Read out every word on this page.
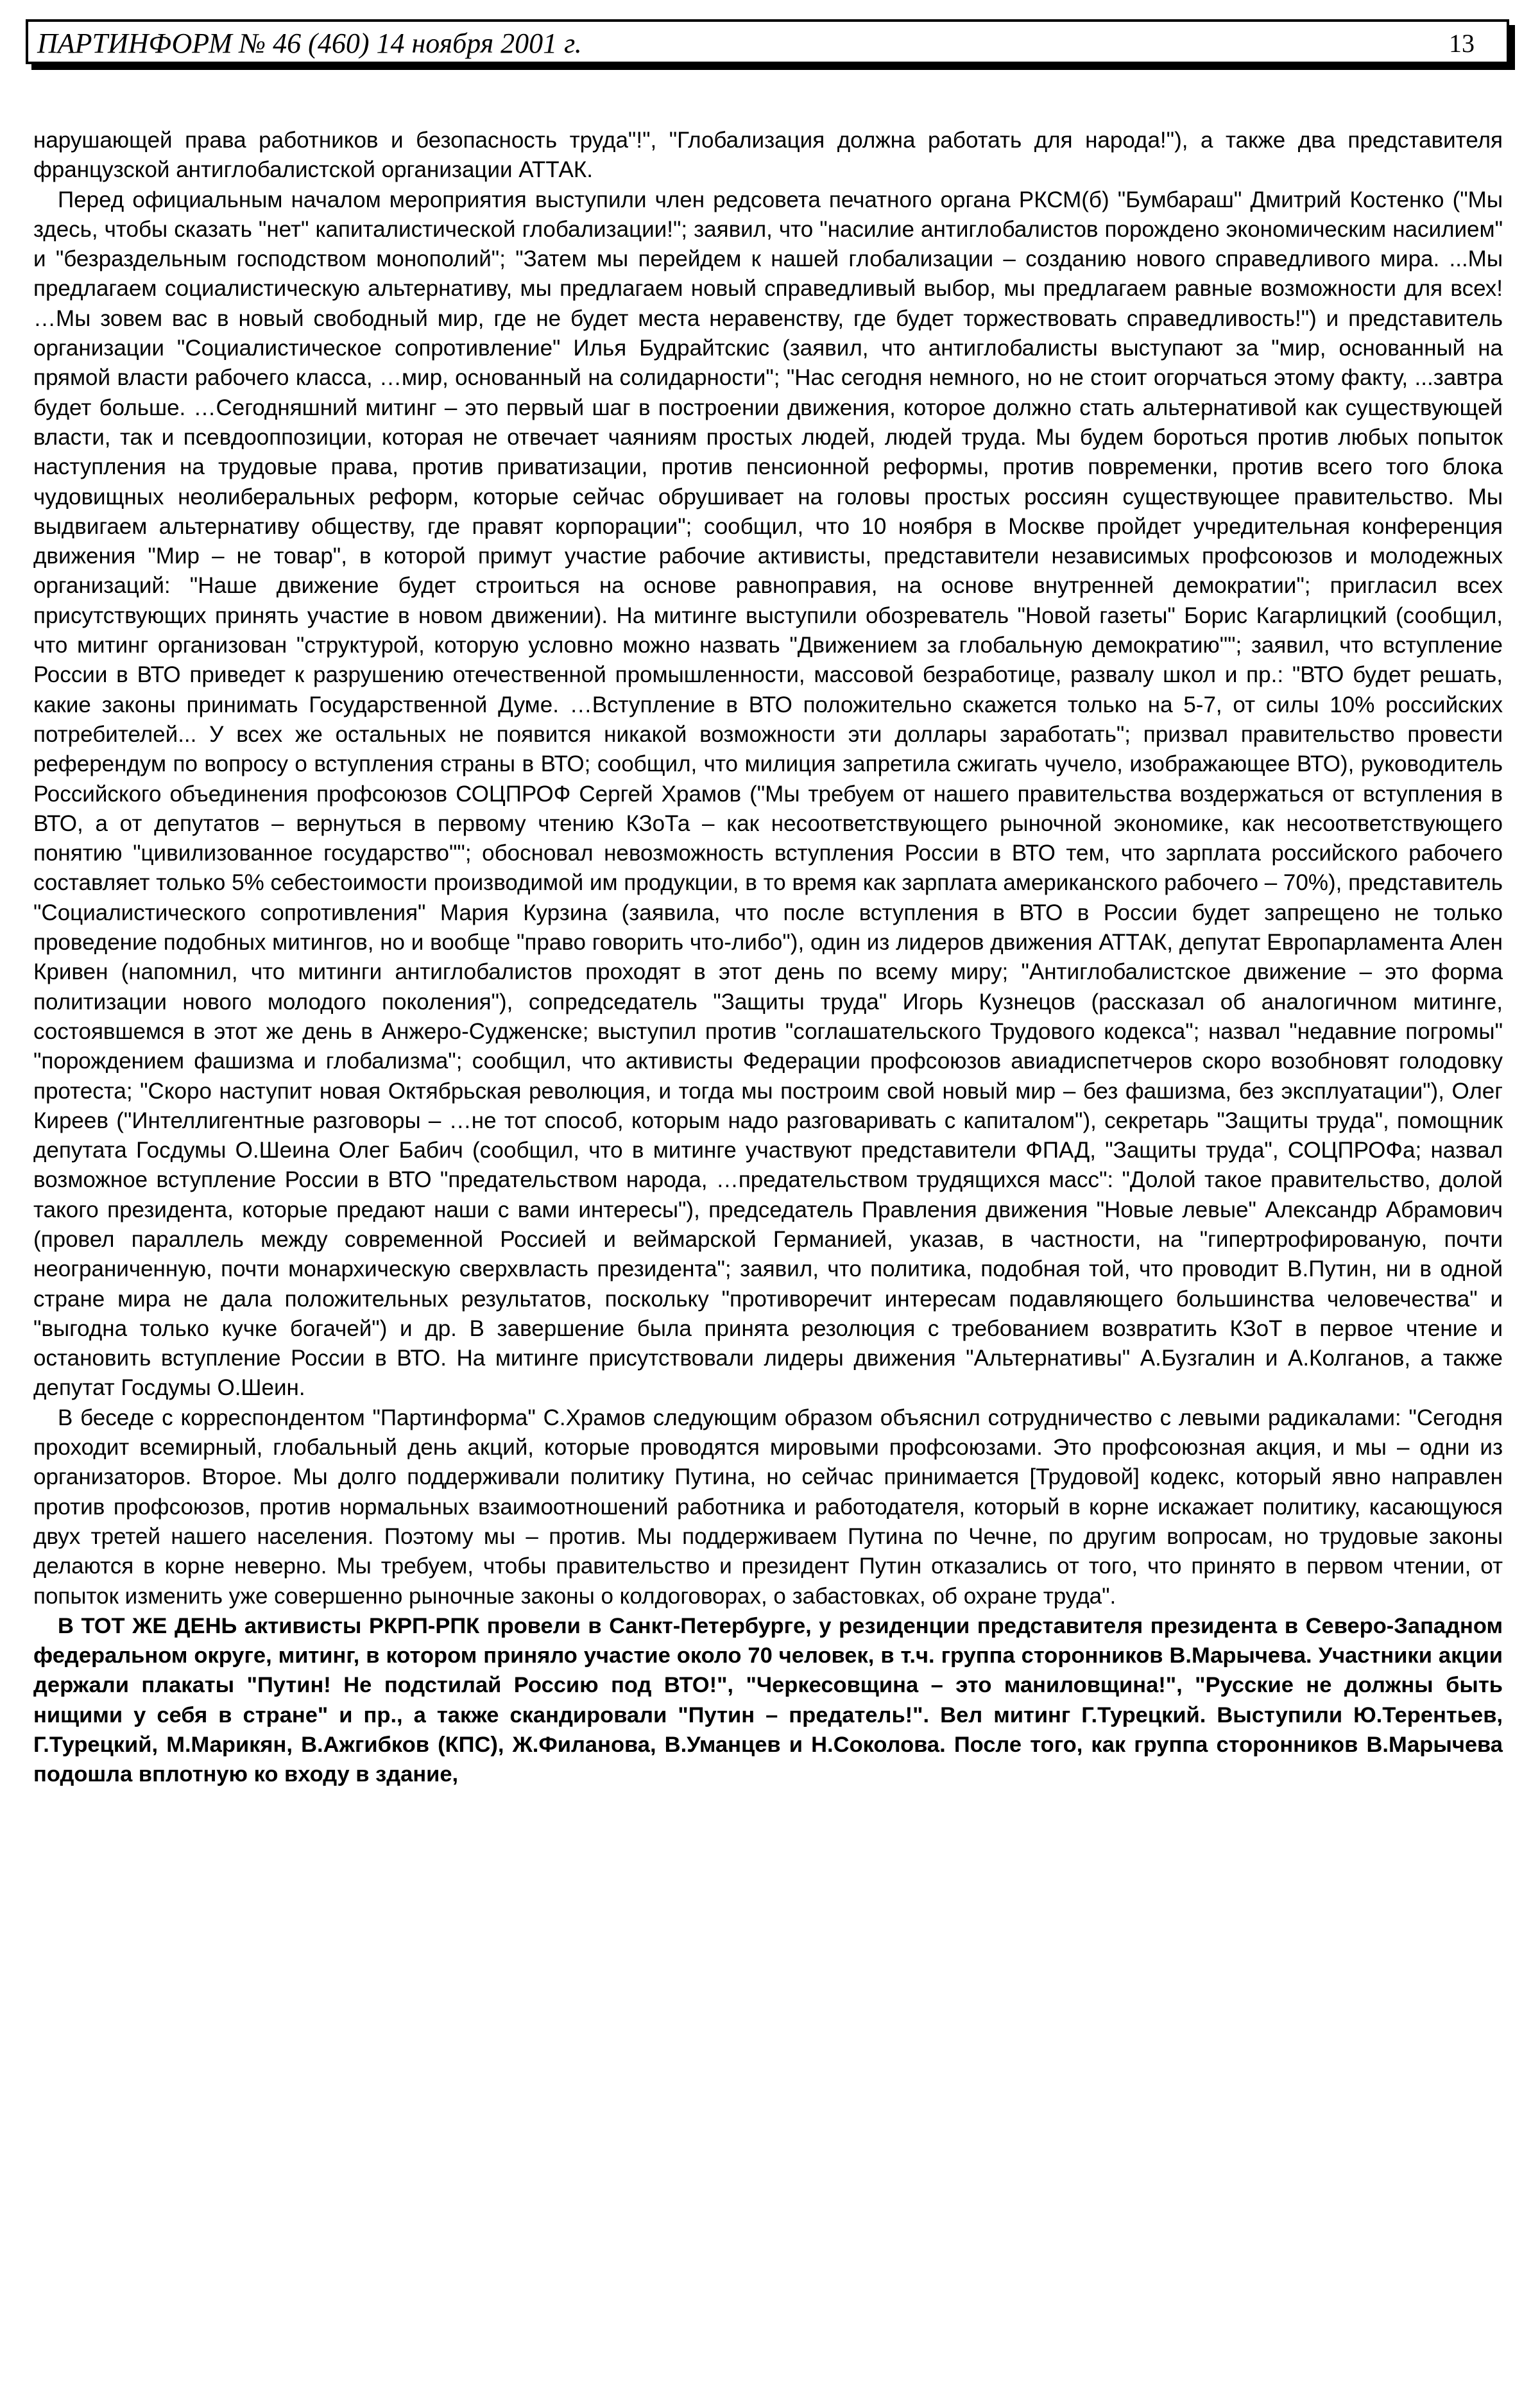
ПАРТИНФОРМ № 46 (460) 14 ноября 2001 г.	13

нарушающей права работников и безопасность труда"!", "Глобализация должна работать для народа!"), а также два представителя французской антиглобалистской организации АТТАК.

Перед официальным началом мероприятия выступили член редсовета печатного органа РКСМ(б) "Бумбараш" Дмитрий Костенко ("Мы здесь, чтобы сказать "нет" капиталистической глобализации!"; заявил, что "насилие антиглобалистов порождено экономическим насилием" и "безраздельным господством монополий"; "Затем мы перейдем к нашей глобализации – созданию нового справедливого мира. ...Мы предлагаем социалистическую альтернативу, мы предлагаем новый справедливый выбор, мы предлагаем равные возможности для всех! …Мы зовем вас в новый свободный мир, где не будет места неравенству, где будет торжествовать справедливость!") и представитель организации "Социалистическое сопротивление" Илья Будрайтскис (заявил, что антиглобалисты выступают за "мир, основанный на прямой власти рабочего класса, …мир, основанный на солидарности"; "Нас сегодня немного, но не стоит огорчаться этому факту, ...завтра будет больше. …Сегодняшний митинг – это первый шаг в построении движения, которое должно стать альтернативой как существующей власти, так и псевдооппозиции, которая не отвечает чаяниям простых людей, людей труда. Мы будем бороться против любых попыток наступления на трудовые права, против приватизации, против пенсионной реформы, против повременки, против всего того блока чудовищных неолиберальных реформ, которые сейчас обрушивает на головы простых россиян существующее правительство. Мы выдвигаем альтернативу обществу, где правят корпорации"; сообщил, что 10 ноября в Москве пройдет учредительная конференция движения "Мир – не товар", в которой примут участие рабочие активисты, представители независимых профсоюзов и молодежных организаций: "Наше движение будет строиться на основе равноправия, на основе внутренней демократии"; пригласил всех присутствующих принять участие в новом движении). На митинге выступили обозреватель "Новой газеты" Борис Кагарлицкий (сообщил, что митинг организован "структурой, которую условно можно назвать "Движением за глобальную демократию""; заявил, что вступление России в ВТО приведет к разрушению отечественной промышленности, массовой безработице, развалу школ и пр.: "ВТО будет решать, какие законы принимать Государственной Думе. …Вступление в ВТО положительно скажется только на 5-7, от силы 10% российских потребителей... У всех же остальных не появится никакой возможности эти доллары заработать"; призвал правительство провести референдум по вопросу о вступления страны в ВТО; сообщил, что милиция запретила сжигать чучело, изображающее ВТО), руководитель Российского объединения профсоюзов СОЦПРОФ Сергей Храмов ("Мы требуем от нашего правительства воздержаться от вступления в ВТО, а от депутатов – вернуться в первому чтению КЗоТа – как несоответствующего рыночной экономике, как несоответствующего понятию "цивилизованное государство""; обосновал невозможность вступления России в ВТО тем, что зарплата российского рабочего составляет только 5% себестоимости производимой им продукции, в то время как зарплата американского рабочего – 70%), представитель "Социалистического сопротивления" Мария Курзина (заявила, что после вступления в ВТО в России будет запрещено не только проведение подобных митингов, но и вообще "право говорить что-либо"), один из лидеров движения АТТАК, депутат Европарламента Ален Кривен (напомнил, что митинги антиглобалистов проходят в этот день по всему миру; "Антиглобалистское движение – это форма политизации нового молодого поколения"), сопредседатель "Защиты труда" Игорь Кузнецов (рассказал об аналогичном митинге, состоявшемся в этот же день в Анжеро-Судженске; выступил против "соглашательского Трудового кодекса"; назвал "недавние погромы" "порождением фашизма и глобализма"; сообщил, что активисты Федерации профсоюзов авиадиспетчеров скоро возобновят голодовку протеста; "Скоро наступит новая Октябрьская революция, и тогда мы построим свой новый мир – без фашизма, без эксплуатации"), Олег Киреев ("Интеллигентные разговоры – …не тот способ, которым надо разговаривать с капиталом"), секретарь "Защиты труда", помощник депутата Госдумы О.Шеина Олег Бабич (сообщил, что в митинге участвуют представители ФПАД, "Защиты труда", СОЦПРОФа; назвал возможное вступление России в ВТО "предательством народа, …предательством трудящихся масс": "Долой такое правительство, долой такого президента, которые предают наши с вами интересы"), председатель Правления движения "Новые левые" Александр Абрамович (провел параллель между современной Россией и веймарской Германией, указав, в частности, на "гипертрофированую, почти неограниченную, почти монархическую сверхвласть президента"; заявил, что политика, подобная той, что проводит В.Путин, ни в одной стране мира не дала положительных результатов, поскольку "противоречит интересам подавляющего большинства человечества" и "выгодна только кучке богачей") и др. В завершение была принята резолюция с требованием возвратить КЗоТ в первое чтение и остановить вступление России в ВТО. На митинге присутствовали лидеры движения "Альтернативы" А.Бузгалин и А.Колганов, а также депутат Госдумы О.Шеин.

В беседе с корреспондентом "Партинформа" С.Храмов следующим образом объяснил сотрудничество с левыми радикалами: "Сегодня проходит всемирный, глобальный день акций, которые проводятся мировыми профсоюзами. Это профсоюзная акция, и мы – одни из организаторов. Второе. Мы долго поддерживали политику Путина, но сейчас принимается [Трудовой] кодекс, который явно направлен против профсоюзов, против нормальных взаимоотношений работника и работодателя, который в корне искажает политику, касающуюся двух третей нашего населения. Поэтому мы – против. Мы поддерживаем Путина по Чечне, по другим вопросам, но трудовые законы делаются в корне неверно. Мы требуем, чтобы правительство и президент Путин отказались от того, что принято в первом чтении, от попыток изменить уже совершенно рыночные законы о колдоговорах, о забастовках, об охране труда".

В ТОТ ЖЕ ДЕНЬ активисты РКРП-РПК провели в Санкт-Петербурге, у резиденции представителя президента в Северо-Западном федеральном округе, митинг, в котором приняло участие около 70 человек, в т.ч. группа сторонников В.Марычева. Участники акции держали плакаты "Путин! Не подстилай Россию под ВТО!", "Черкесовщина – это маниловщина!", "Русские не должны быть нищими у себя в стране" и пр., а также скандировали "Путин – предатель!". Вел митинг Г.Турецкий. Выступили Ю.Терентьев, Г.Турецкий, М.Марикян, В.Ажгибков (КПС), Ж.Филанова, В.Уманцев и Н.Соколова. После того, как группа сторонников В.Марычева подошла вплотную ко входу в здание,
